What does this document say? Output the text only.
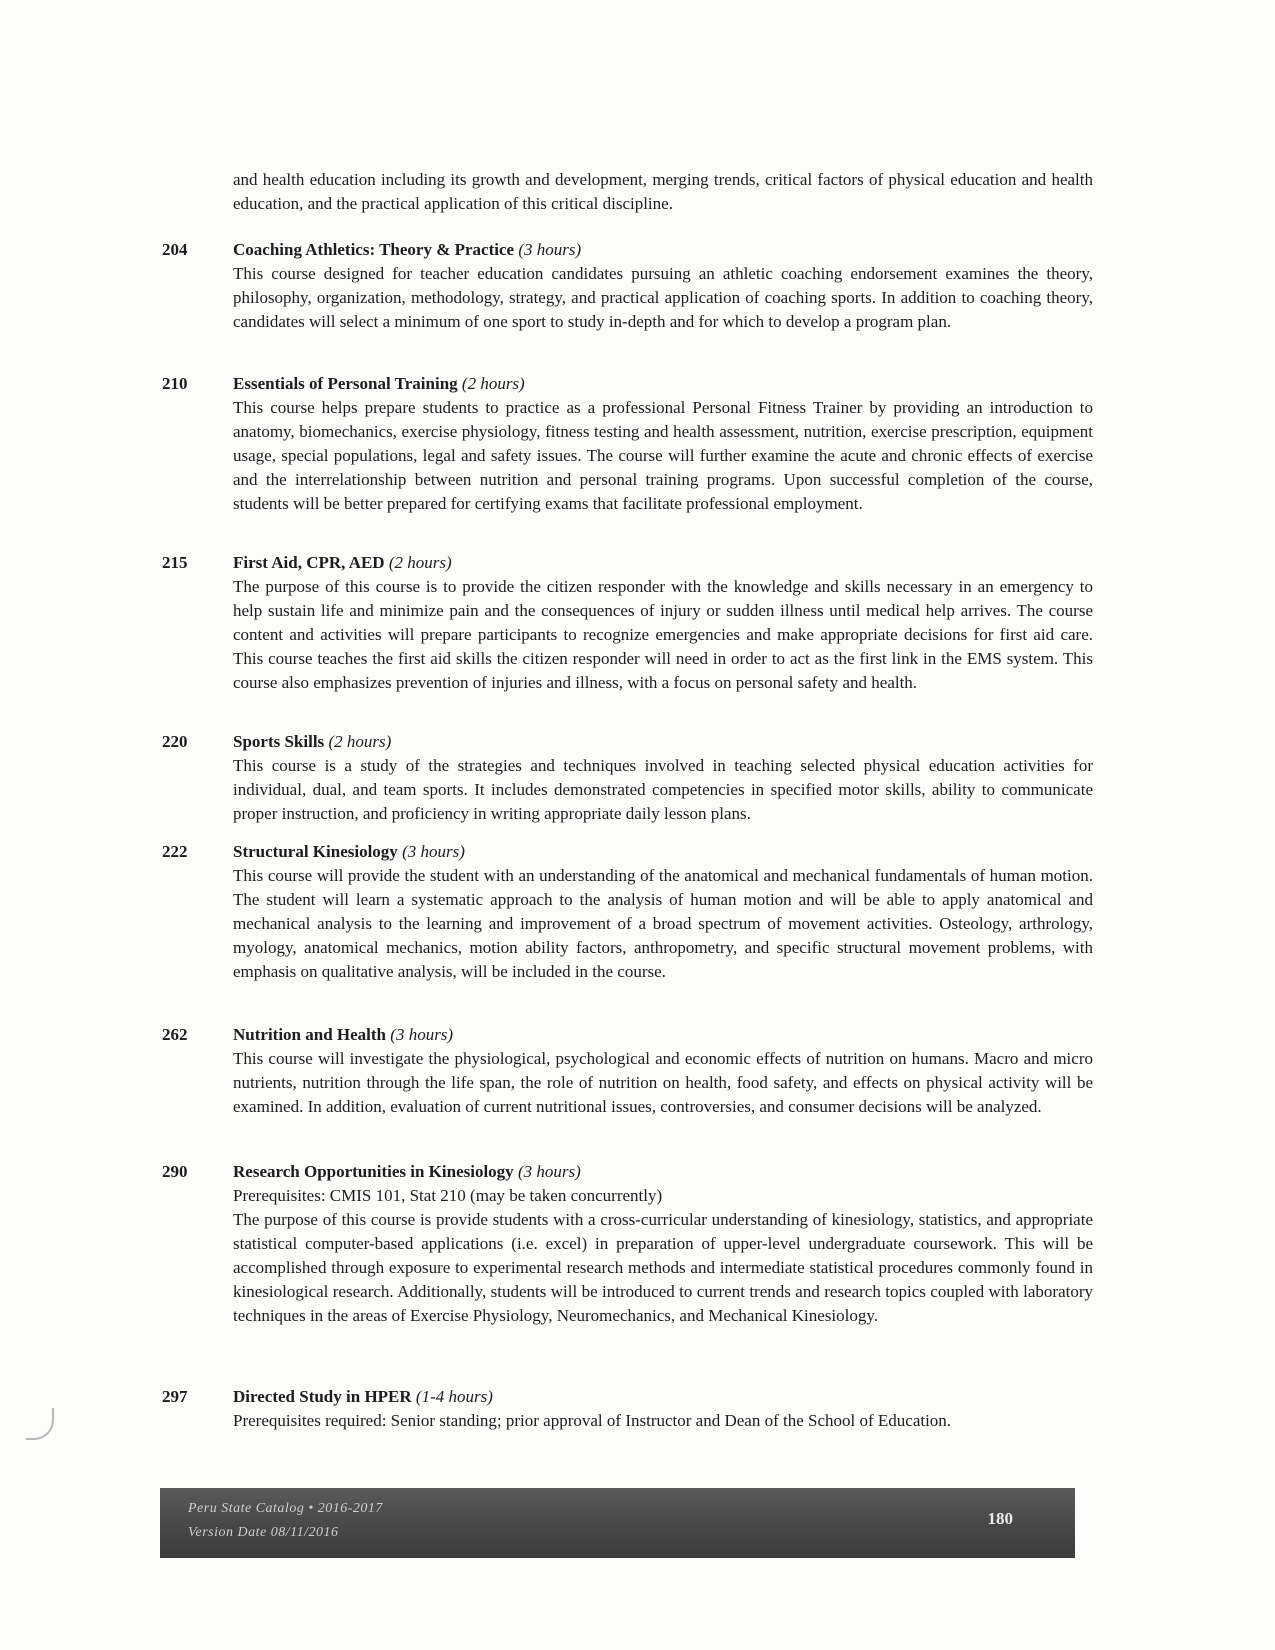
and health education including its growth and development, merging trends, critical factors of physical education and health education, and the practical application of this critical discipline.

204	Coaching Athletics: Theory & Practice (3 hours)

This course designed for teacher education candidates pursuing an athletic coaching endorsement examines the theory, philosophy, organization, methodology, strategy, and practical application of coaching sports. In addition to coaching theory, candidates will select a minimum of one sport to study in-depth and for which to develop a program plan.

210	Essentials of Personal Training (2 hours)

This course helps prepare students to practice as a professional Personal Fitness Trainer by providing an introduction to anatomy, biomechanics, exercise physiology, fitness testing and health assessment, nutrition, exercise prescription, equipment usage, special populations, legal and safety issues. The course will further examine the acute and chronic effects of exercise and the interrelationship between nutrition and personal training programs. Upon successful completion of the course, students will be better prepared for certifying exams that facilitate professional employment.

215	First Aid, CPR, AED (2 hours)

The purpose of this course is to provide the citizen responder with the knowledge and skills necessary in an emergency to help sustain life and minimize pain and the consequences of injury or sudden illness until medical help arrives. The course content and activities will prepare participants to recognize emergencies and make appropriate decisions for first aid care. This course teaches the first aid skills the citizen responder will need in order to act as the first link in the EMS system. This course also emphasizes prevention of injuries and illness, with a focus on personal safety and health.

220	Sports Skills (2 hours)

This course is a study of the strategies and techniques involved in teaching selected physical education activities for individual, dual, and team sports. It includes demonstrated competencies in specified motor skills, ability to communicate proper instruction, and proficiency in writing appropriate daily lesson plans.

222	Structural Kinesiology (3 hours)

This course will provide the student with an understanding of the anatomical and mechanical fundamentals of human motion. The student will learn a systematic approach to the analysis of human motion and will be able to apply anatomical and mechanical analysis to the learning and improvement of a broad spectrum of movement activities. Osteology, arthrology, myology, anatomical mechanics, motion ability factors, anthropometry, and specific structural movement problems, with emphasis on qualitative analysis, will be included in the course.

262	Nutrition and Health (3 hours)

This course will investigate the physiological, psychological and economic effects of nutrition on humans. Macro and micro nutrients, nutrition through the life span, the role of nutrition on health, food safety, and effects on physical activity will be examined. In addition, evaluation of current nutritional issues, controversies, and consumer decisions will be analyzed.

290	Research Opportunities in Kinesiology (3 hours)

Prerequisites: CMIS 101, Stat 210 (may be taken concurrently)

The purpose of this course is provide students with a cross-curricular understanding of kinesiology, statistics, and appropriate statistical computer-based applications (i.e. excel) in preparation of upper-level undergraduate coursework. This will be accomplished through exposure to experimental research methods and intermediate statistical procedures commonly found in kinesiological research. Additionally, students will be introduced to current trends and research topics coupled with laboratory techniques in the areas of Exercise Physiology, Neuromechanics, and Mechanical Kinesiology.

297	Directed Study in HPER (1-4 hours)

Prerequisites required: Senior standing; prior approval of Instructor and Dean of the School of Education.

Peru State Catalog • 2016-2017
Version Date 08/11/2016
180
